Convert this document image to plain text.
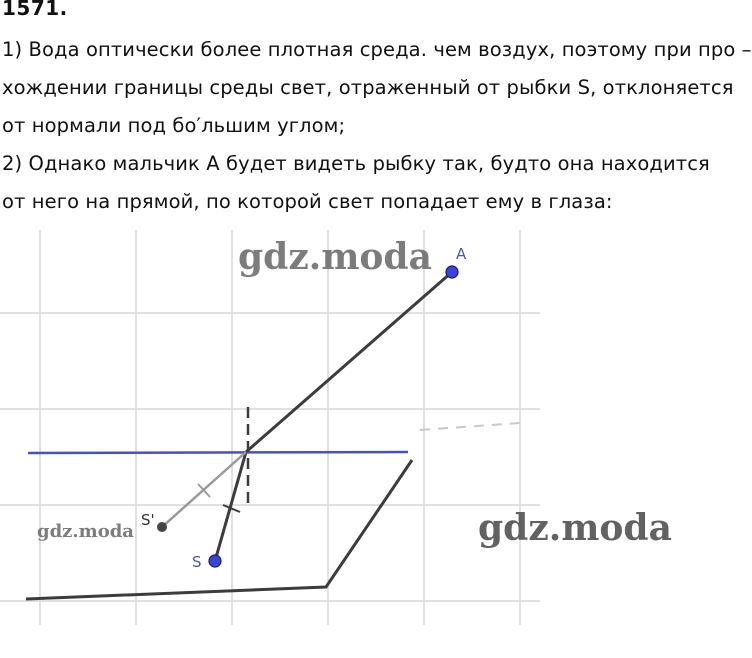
1571.
1) Вода оптически более плотная среда. чем воздух, поэтому при про –
хождении границы среды свет, отраженный от рыбки S, отклоняется
от нормали под бо′льшим углом;
2) Однако мальчик A будет видеть рыбку так, будто она находится
от него на прямой, по которой свет попадает ему в глаза:
A
S
S'
gdz.moda
gdz.moda	gdz.moda
